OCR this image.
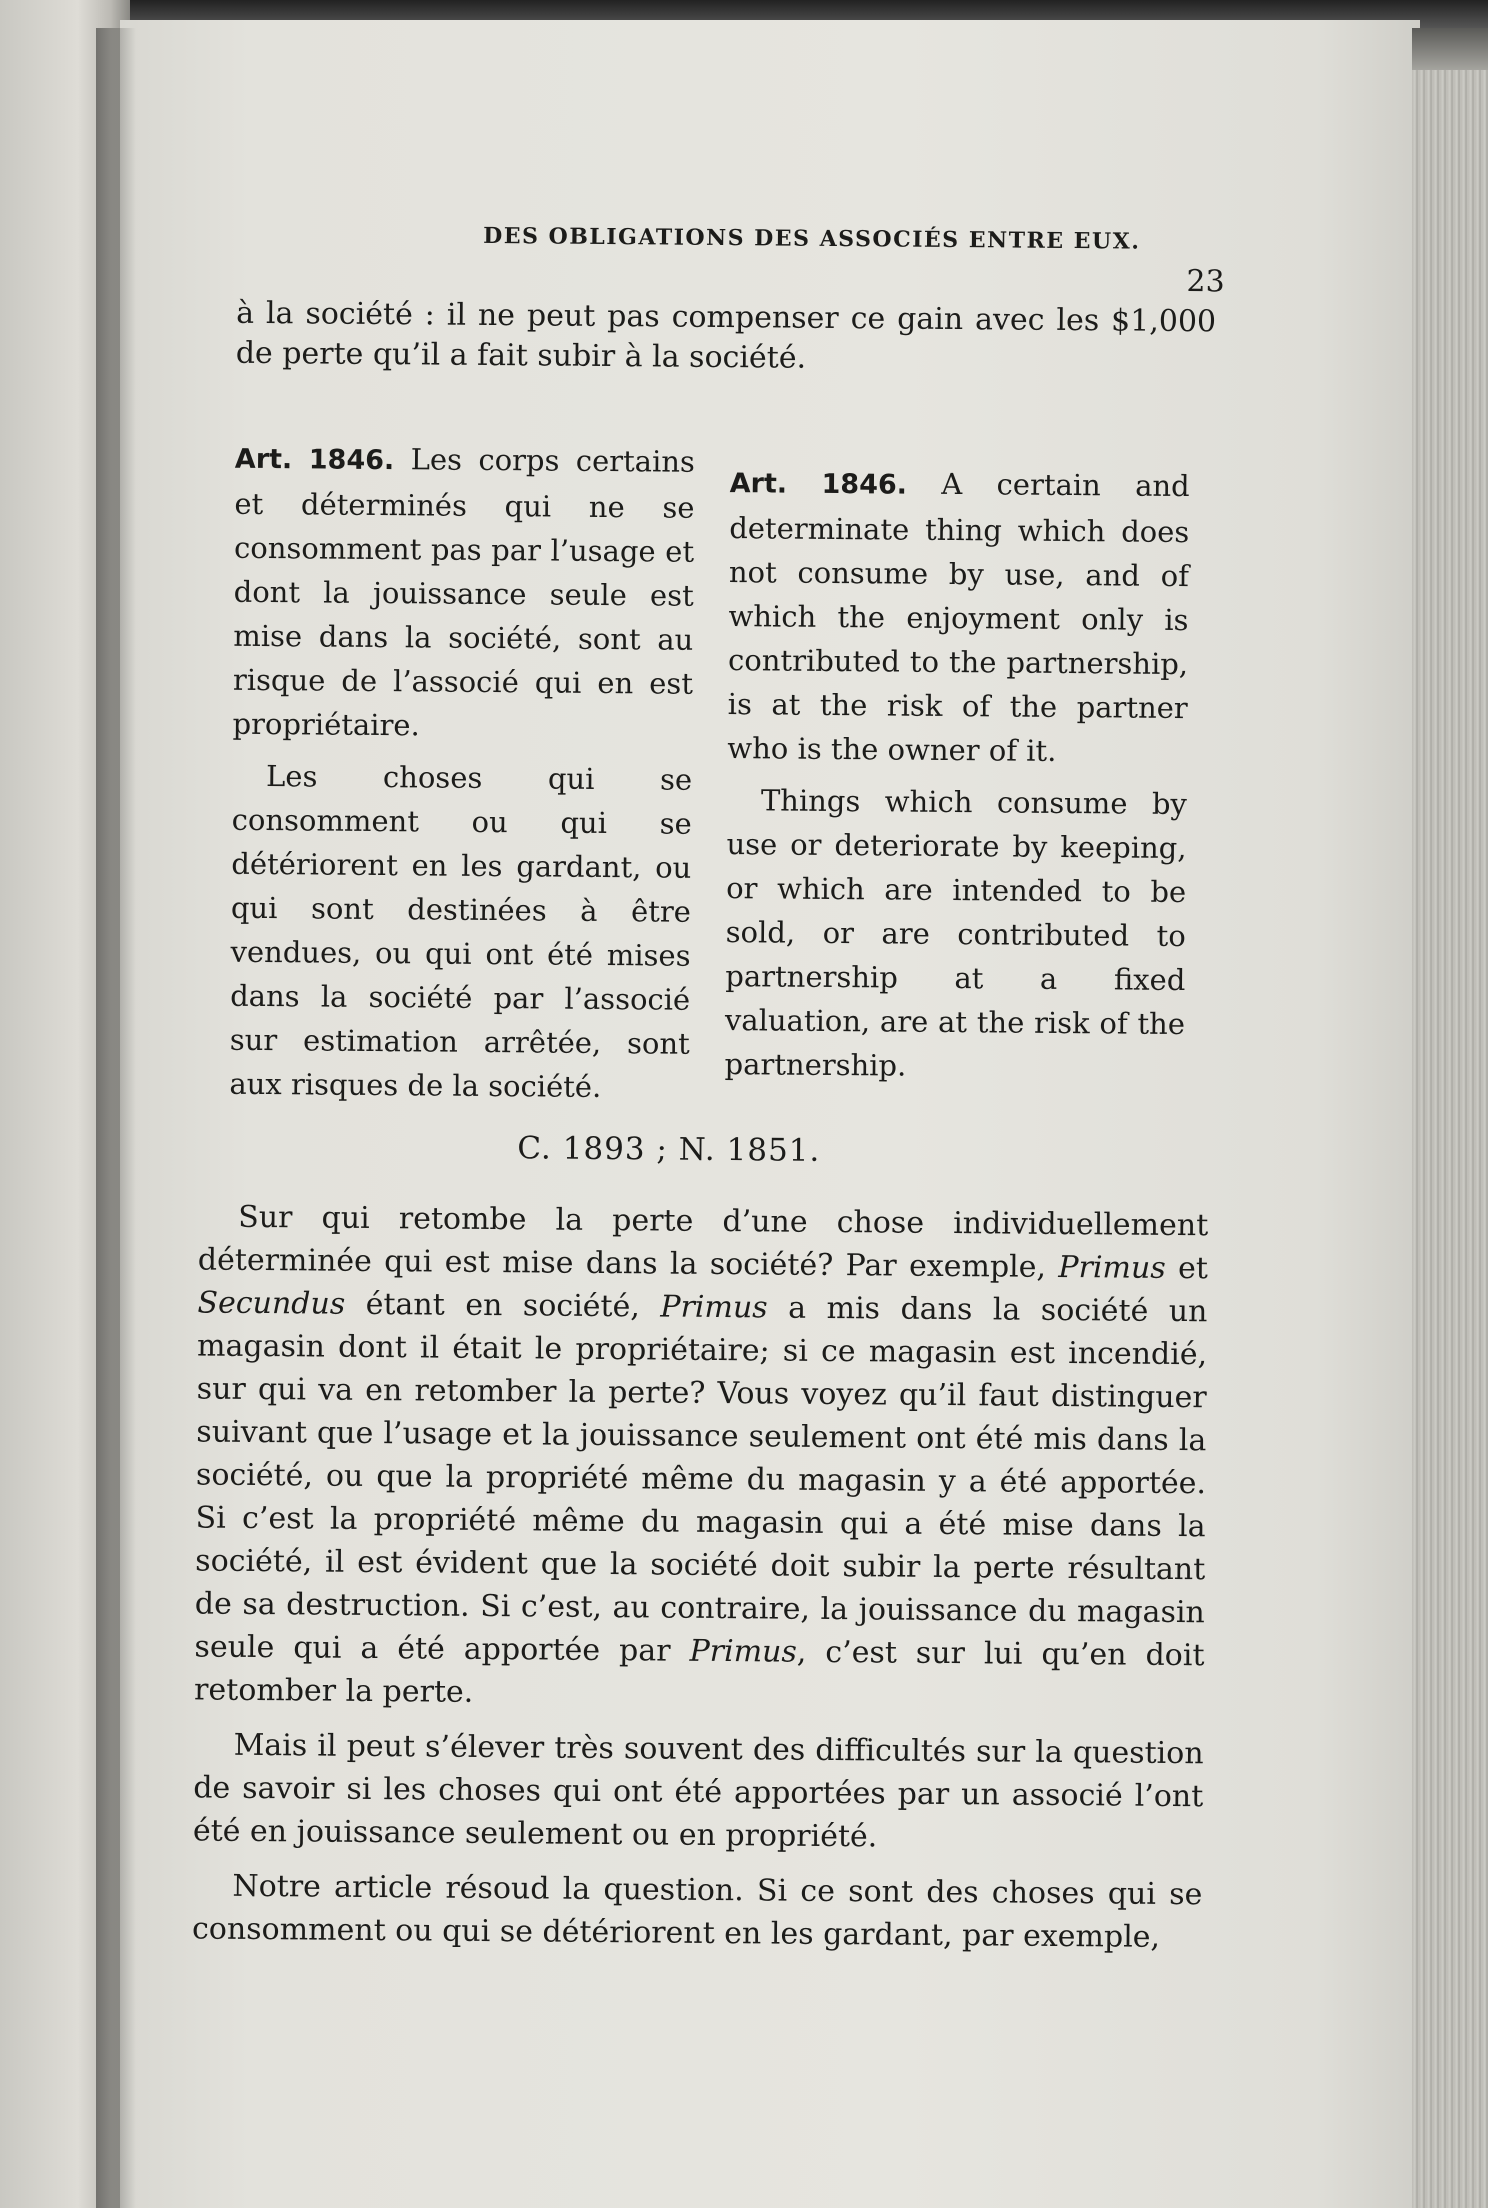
DES OBLIGATIONS DES ASSOCIÉS ENTRE EUX.
23
à la société : il ne peut pas compenser ce gain avec les $1,000 de perte qu’il a fait subir à la société.

Art. 1846. Les corps certains et déterminés qui ne se consomment pas par l’usage et dont la jouissance seule est mise dans la société, sont au risque de l’associé qui en est propriétaire.

Les choses qui se consomment ou qui se détériorent en les gardant, ou qui sont destinées à être vendues, ou qui ont été mises dans la société par l’associé sur estimation arrêtée, sont aux risques de la société.

Art. 1846. A certain and determinate thing which does not consume by use, and of which the enjoyment only is contributed to the partnership, is at the risk of the partner who is the owner of it.

Things which consume by use or deteriorate by keeping, or which are intended to be sold, or are contributed to partnership at a fixed valuation, are at the risk of the partnership.

C. 1893 ; N. 1851.

Sur qui retombe la perte d’une chose individuellement déterminée qui est mise dans la société? Par exemple, Primus et Secundus étant en société, Primus a mis dans la société un magasin dont il était le propriétaire; si ce magasin est incendié, sur qui va en retomber la perte? Vous voyez qu’il faut distinguer suivant que l’usage et la jouissance seulement ont été mis dans la société, ou que la propriété même du magasin y a été apportée. Si c’est la propriété même du magasin qui a été mise dans la société, il est évident que la société doit subir la perte résultant de sa destruction. Si c’est, au contraire, la jouissance du magasin seule qui a été apportée par Primus, c’est sur lui qu’en doit retomber la perte.

Mais il peut s’élever très souvent des difficultés sur la question de savoir si les choses qui ont été apportées par un associé l’ont été en jouissance seulement ou en propriété.

Notre article résoud la question. Si ce sont des choses qui se consomment ou qui se détériorent en les gardant, par exemple,
